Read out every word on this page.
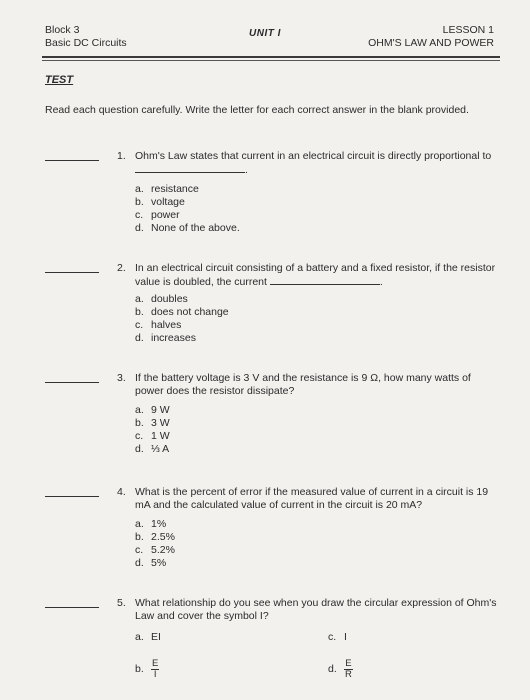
Block 3
Basic DC Circuits
UNIT I	LESSON 1
OHM'S LAW AND POWER
TEST
Read each question carefully. Write the letter for each correct answer in the blank provided.
1. Ohm's Law states that current in an electrical circuit is directly proportional to .
a. resistance
b. voltage
c. power
d. None of the above.
2. In an electrical circuit consisting of a battery and a fixed resistor, if the resistor value is doubled, the current	.
a. doubles
b. does not change
c. halves
d. increases
3. If the battery voltage is 3 V and the resistance is 9 Ω, how many watts of power does the resistor dissipate?
a. 9 W
b. 3 W
c. 1 W
d. ⅓ A
4. What is the percent of error if the measured value of current in a circuit is 19 mA and the calculated value of current in the circuit is 20 mA?
a. 1%
b. 2.5%
c. 5.2%
d. 5%
5. What relationship do you see when you draw the circular expression of Ohm's Law and cover the symbol I?
a. EI	c. I
b. $\frac{E}{I}$	d. $\frac{E}{R}$
